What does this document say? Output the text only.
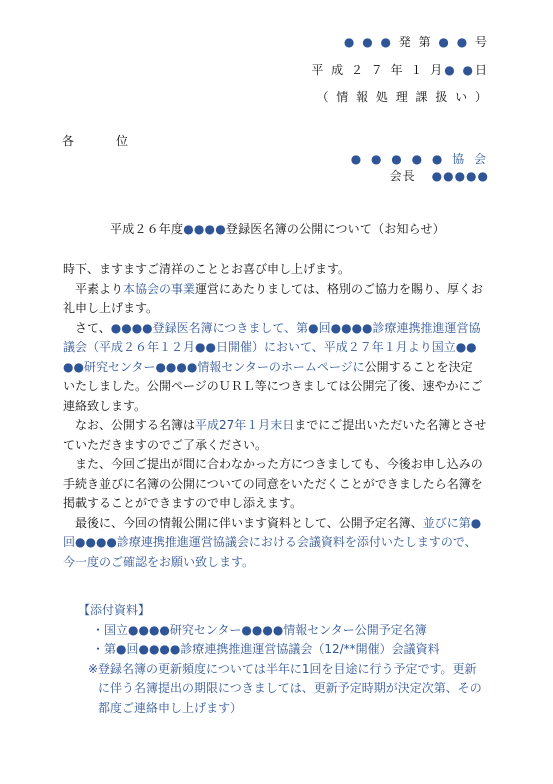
● ● ● 発 第 ● ● 号
平 成 ２ ７ 年 １ 月● ●日
（ 情 報 処 理 課 扱 い ）
各	位
● ● ● ● ● 協 会
会長 ●●●●●
平成２６年度●●●●登録医名簿の公開について（お知らせ）
時下、ますますご清祥のこととお喜び申し上げます。
　平素より本協会の事業運営にあたりましては、格別のご協力を賜り、厚くお
礼申し上げます。
　さて、●●●●登録医名簿につきまして、第●回●●●●診療連携推進運営協
議会（平成２６年１２月●●日開催）において、平成２７年１月より国立●●
●●研究センター●●●●情報センターのホームページに公開することを決定
いたしました。公開ページのＵＲＬ等につきましては公開完了後、速やかにご
連絡致します。
　なお、公開する名簿は平成27年１月末日までにご提出いただいた名簿とさせ
ていただきますのでご了承ください。
　また、今回ご提出が間に合わなかった方につきましても、今後お申し込みの
手続き並びに名簿の公開についての同意をいただくことができましたら名簿を
掲載することができますので申し添えます。
　最後に、今回の情報公開に伴います資料として、公開予定名簿、並びに第●
回●●●●診療連携推進運営協議会における会議資料を添付いたしますので、
今一度のご確認をお願い致します。
【添付資料】
・国立●●●●研究センター●●●●情報センター公開予定名簿
・第●回●●●●診療連携推進運営協議会（12/**開催）会議資料
※登録名簿の更新頻度については半年に1回を目途に行う予定です。更新
に伴う名簿提出の期限につきましては、更新予定時期が決定次第、その
都度ご連絡申し上げます）
